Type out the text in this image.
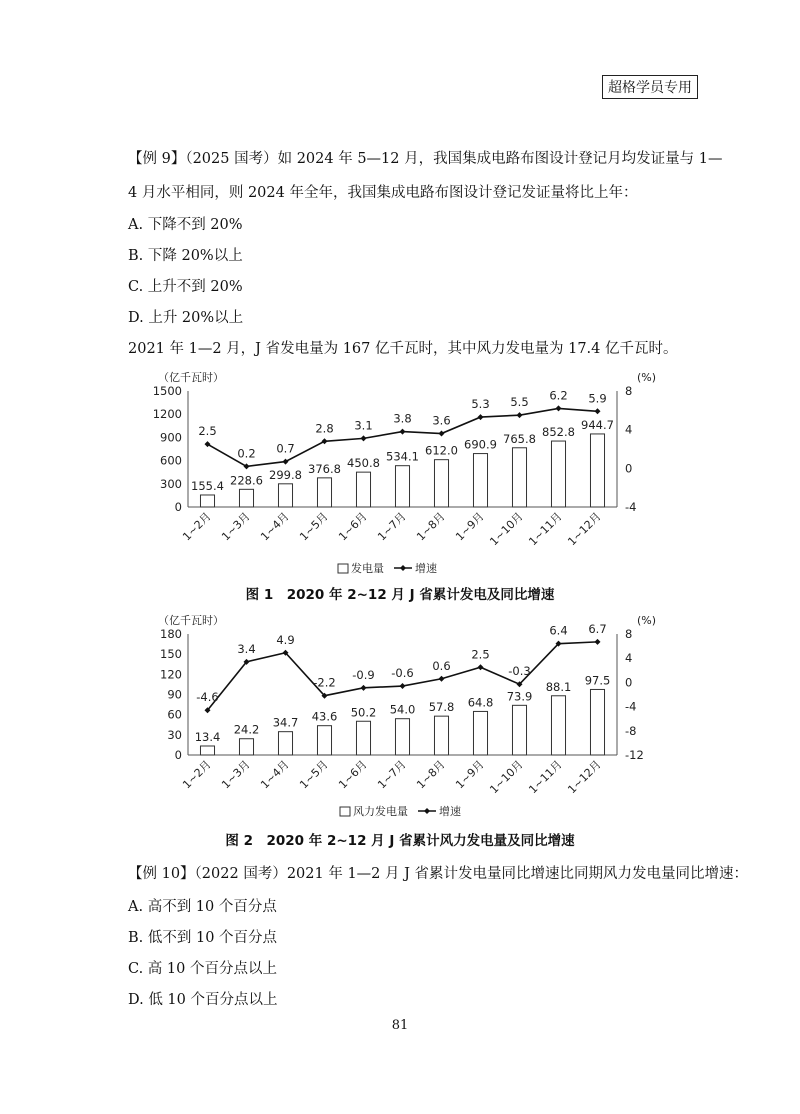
超格学员专用
【例 9】（2025 国考）如 2024 年 5—12 月，我国集成电路布图设计登记月均发证量与 1—
4 月水平相同，则 2024 年全年，我国集成电路布图设计登记发证量将比上年：
A. 下降不到 20%
B. 下降 20%以上
C. 上升不到 20%
D. 上升 20%以上
2021 年 1—2 月，J 省发电量为 167 亿千瓦时，其中风力发电量为 17.4 亿千瓦时。
（亿千瓦时）	(%)
0
300
600
900
1200
1500
-4
0
4
8
155.4
1~2月
228.6
1~3月
299.8
1~4月
376.8
1~5月
450.8
1~6月
534.1
1~7月
612.0
1~8月
690.9
1~9月
765.8
1~10月
852.8
1~11月
944.7
1~12月
2.5
0.2 0.7
2.8 3.1 3.8 3.6
5.3 5.5 6.2 5.9
发电量	增速
图 1　2020 年 2~12 月 J 省累计发电及同比增速
（亿千瓦时）	(%)
0
30
60
90
120
150
180
-12
-8
-4
0
4
8
13.4
1~2月
24.2
1~3月
34.7
1~4月
43.6
1~5月
50.2
1~6月
54.0
1~7月
57.8
1~8月
64.8
1~9月
73.9
1~10月
88.1
1~11月
97.5
1~12月
-4.6
3.4
4.9
-2.2
-0.9 -0.6
0.6
2.5
-0.3
6.4 6.7
风力发电量	增速
图 2　2020 年 2~12 月 J 省累计风力发电量及同比增速
【例 10】（2022 国考）2021 年 1—2 月 J 省累计发电量同比增速比同期风力发电量同比增速：
A. 高不到 10 个百分点
B. 低不到 10 个百分点
C. 高 10 个百分点以上
D. 低 10 个百分点以上
81
